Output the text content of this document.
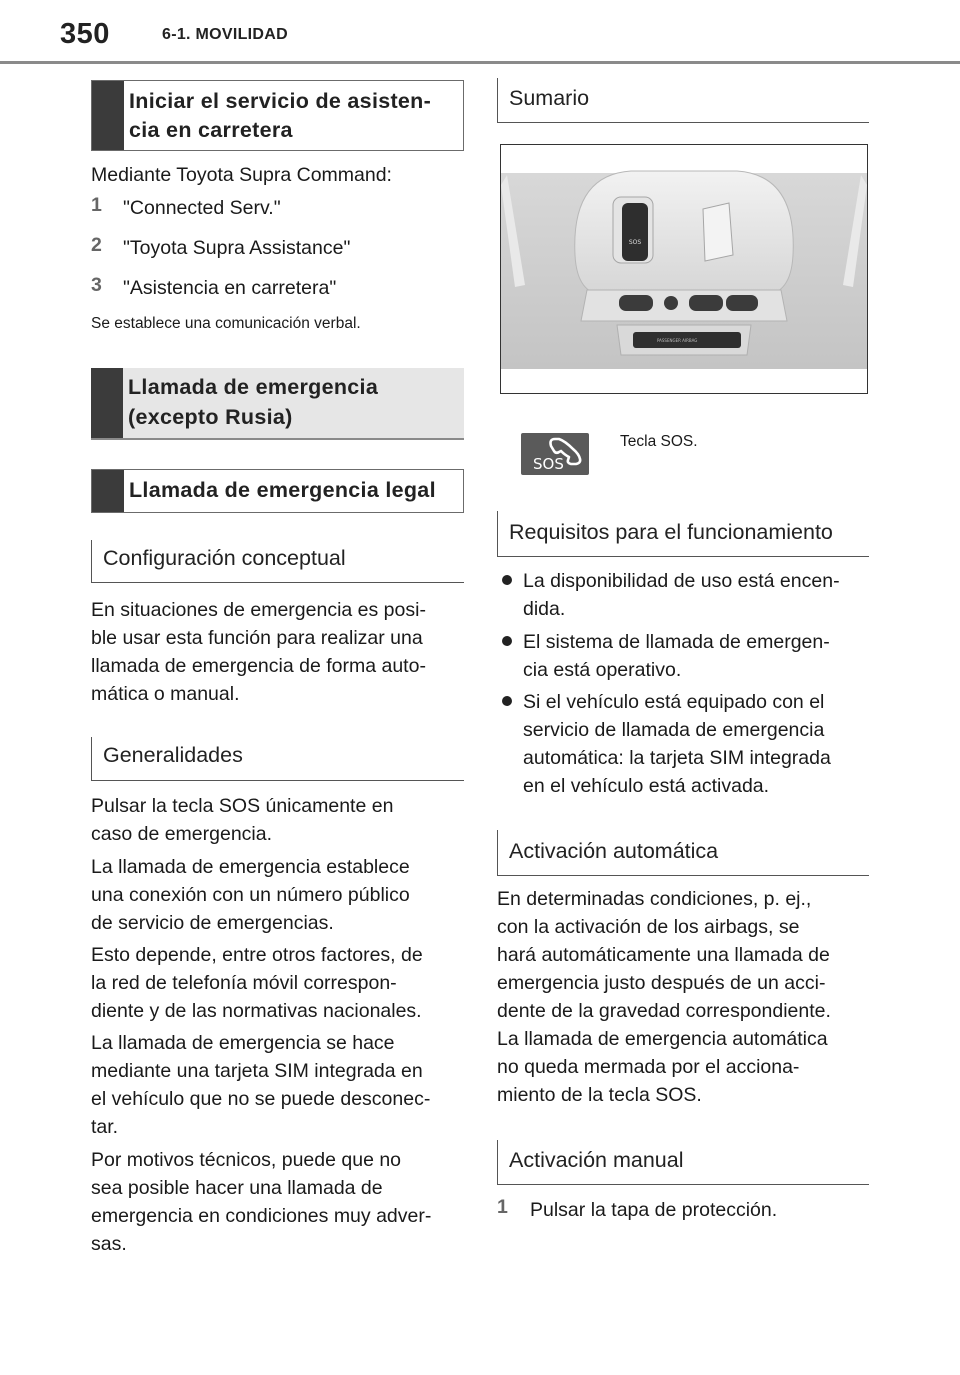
350	6-1. MOVILIDAD
Iniciar el servicio de asisten-
cia en carretera

Mediante Toyota Supra Command:

1 "Connected Serv."

2 "Toyota Supra Assistance"

3 "Asistencia en carretera"

Se establece una comunicación verbal.

Llamada de emergencia
(excepto Rusia)
Llamada de emergencia legal
Configuración conceptual

En situaciones de emergencia es posi-
ble usar esta función para realizar una
llamada de emergencia de forma auto-
mática o manual.

Generalidades

Pulsar la tecla SOS únicamente en
caso de emergencia.

La llamada de emergencia establece
una conexión con un número público
de servicio de emergencias.

Esto depende, entre otros factores, de
la red de telefonía móvil correspon-
diente y de las normativas nacionales.

La llamada de emergencia se hace
mediante una tarjeta SIM integrada en
el vehículo que no se puede desconec-
tar.

Por motivos técnicos, puede que no
sea posible hacer una llamada de
emergencia en condiciones muy adver-
sas.

Sumario
SOS
PASSENGER AIRBAG
SOS

Tecla SOS.

Requisitos para el funcionamiento

La disponibilidad de uso está encen-
dida.

El sistema de llamada de emergen-
cia está operativo.

Si el vehículo está equipado con el
servicio de llamada de emergencia
automática: la tarjeta SIM integrada
en el vehículo está activada.

Activación automática

En determinadas condiciones, p. ej.,
con la activación de los airbags, se
hará automáticamente una llamada de
emergencia justo después de un acci-
dente de la gravedad correspondiente.
La llamada de emergencia automática
no queda mermada por el acciona-
miento de la tecla SOS.

Activación manual
1 Pulsar la tapa de protección.
